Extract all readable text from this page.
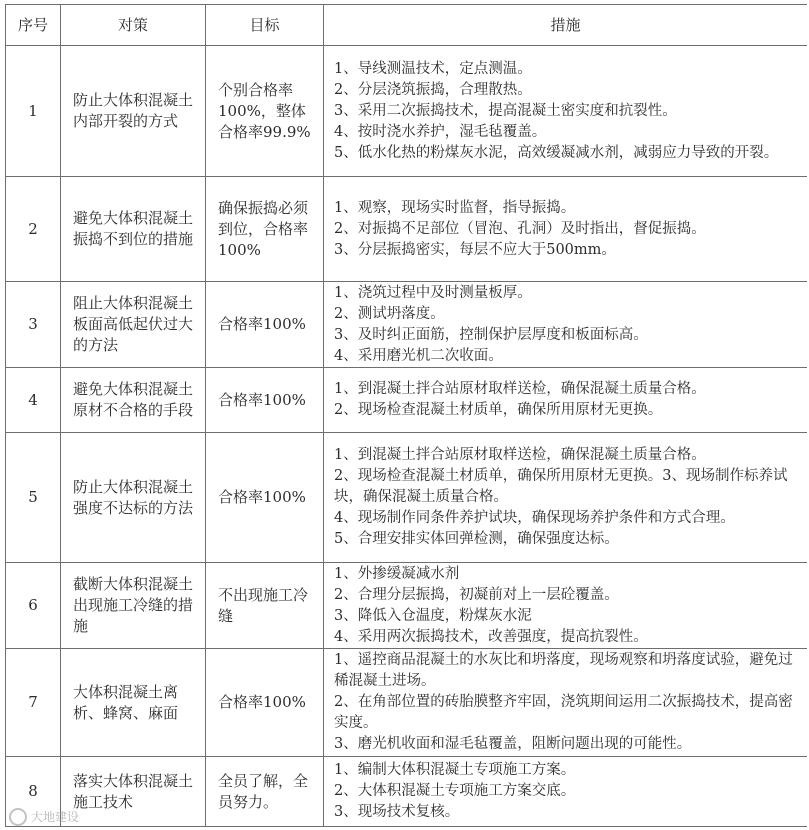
序号	对策	目标	措施
1	防止大体积混凝土内部开裂的方式	个别合格率100%，整体合格率99.9%	1、导线测温技术，定点测温。
2、分层浇筑振捣，合理散热。
3、采用二次振捣技术，提高混凝土密实度和抗裂性。
4、按时浇水养护，湿毛毡覆盖。
5、低水化热的粉煤灰水泥，高效缓凝减水剂，减弱应力导致的开裂。

2	避免大体积混凝土振捣不到位的措施	确保振捣必须到位，合格率100%	1、观察，现场实时监督，指导振捣。
2、对振捣不足部位（冒泡、孔洞）及时指出，督促振捣。
3、分层振捣密实，每层不应大于500mm。

3	阻止大体积混凝土板面高低起伏过大的方法	合格率100%	1、浇筑过程中及时测量板厚。
2、测试坍落度。
3、及时纠正面筋，控制保护层厚度和板面标高。
4、采用磨光机二次收面。

4	避免大体积混凝土原材不合格的手段	合格率100%	1、到混凝土拌合站原材取样送检，确保混凝土质量合格。
2、现场检查混凝土材质单，确保所用原材无更换。

5	防止大体积混凝土强度不达标的方法	合格率100%	1、到混凝土拌合站原材取样送检，确保混凝土质量合格。
2、现场检查混凝土材质单，确保所用原材无更换。3、现场制作标养试块，确保混凝土质量合格。
4、现场制作同条件养护试块，确保现场养护条件和方式合理。
5、合理安排实体回弹检测，确保强度达标。

6	截断大体积混凝土出现施工冷缝的措施	不出现施工冷缝	1、外掺缓凝减水剂
2、合理分层振捣，初凝前对上一层砼覆盖。
3、降低入仓温度，粉煤灰水泥
4、采用两次振捣技术，改善强度，提高抗裂性。

7	大体积混凝土离析、蜂窝、麻面	合格率100%	1、遥控商品混凝土的水灰比和坍落度，现场观察和坍落度试验，避免过稀混凝土进场。
2、在角部位置的砖胎膜整齐牢固，浇筑期间运用二次振捣技术，提高密实度。
3、磨光机收面和湿毛毡覆盖，阻断问题出现的可能性。

8	落实大体积混凝土施工技术	全员了解，全员努力。	1、编制大体积混凝土专项施工方案。
2、大体积混凝土专项施工方案交底。
3、现场技术复核。
大地建设
